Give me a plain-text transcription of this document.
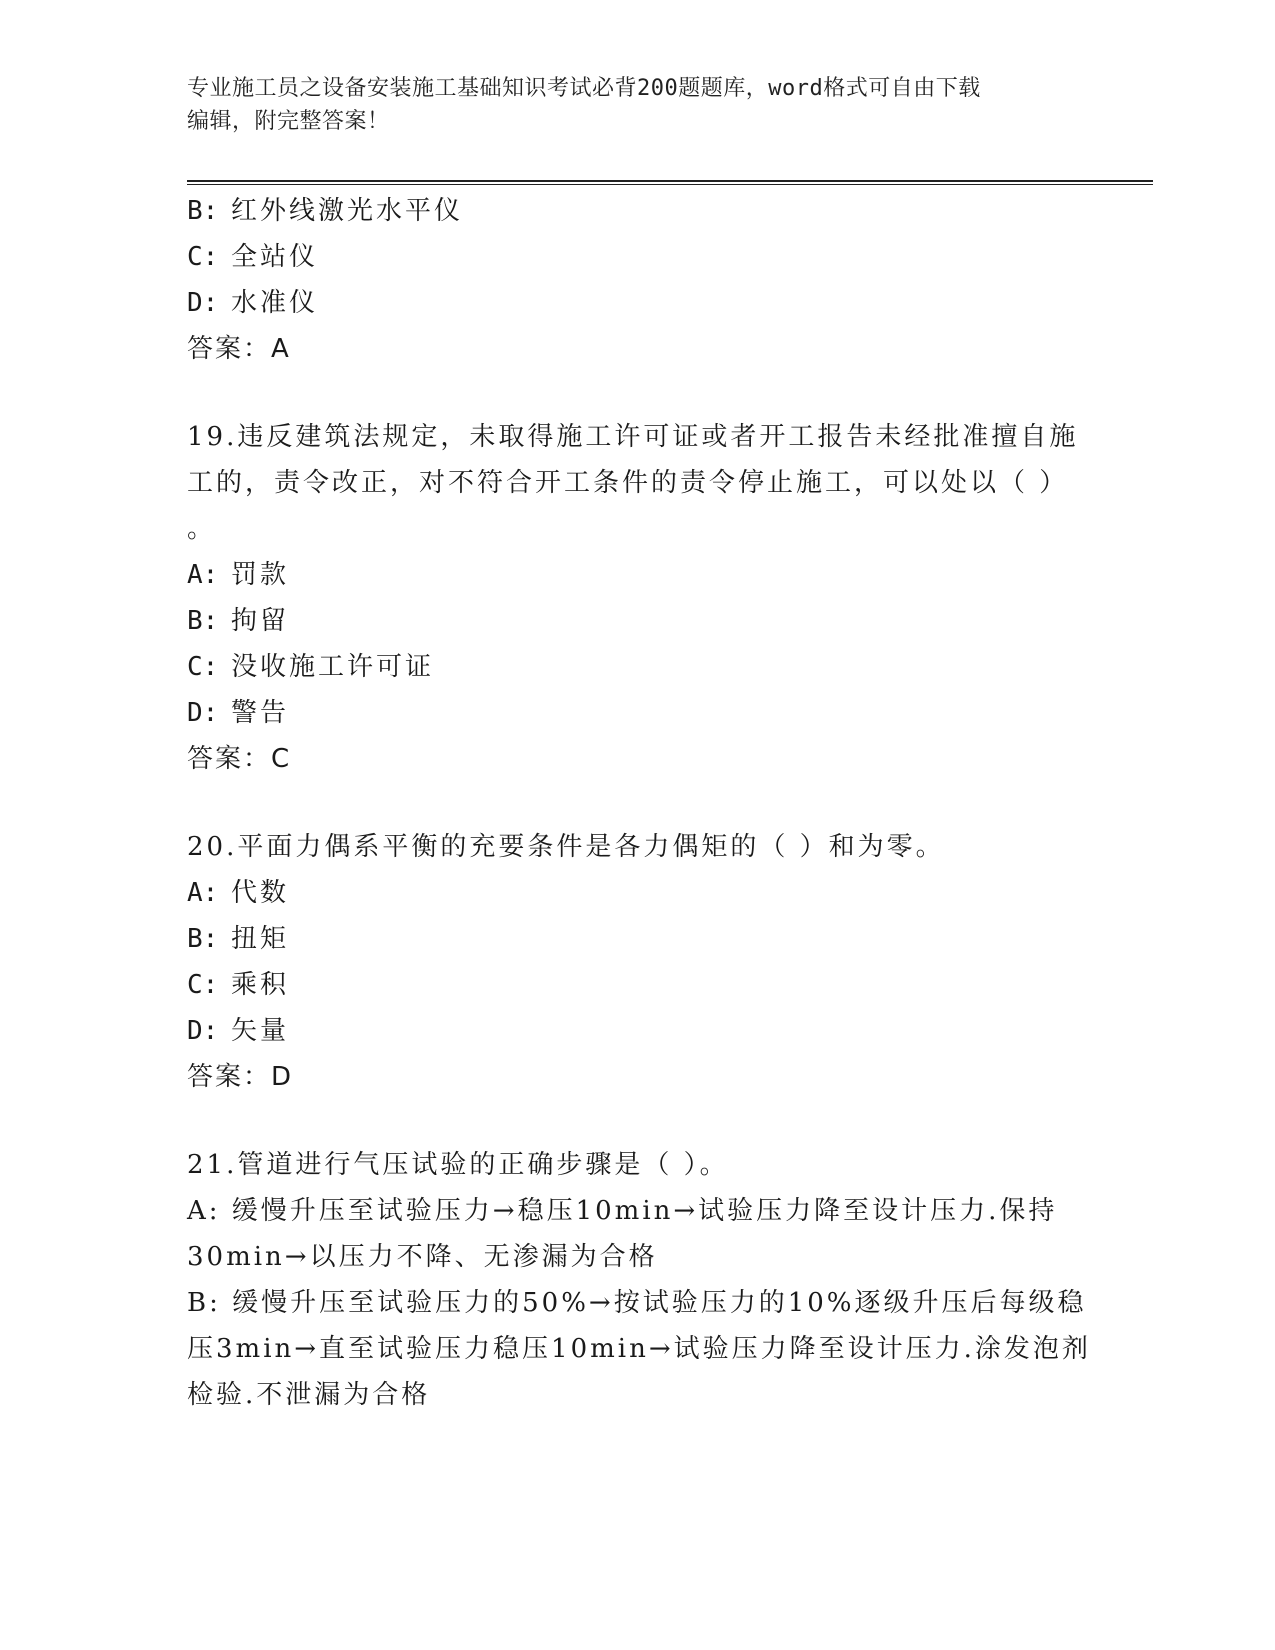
专业施工员之设备安装施工基础知识考试必背200题题库，word格式可自由下载
编辑，附完整答案！
B: 红外线激光水平仪
C: 全站仪
D: 水准仪
答案：A
19.违反建筑法规定，未取得施工许可证或者开工报告未经批准擅自施
工的，责令改正，对不符合开工条件的责令停止施工，可以处以（ ）
。
A: 罚款
B: 拘留
C: 没收施工许可证
D: 警告
答案：C
20.平面力偶系平衡的充要条件是各力偶矩的（ ）和为零。
A: 代数
B: 扭矩
C: 乘积
D: 矢量
答案：D
21.管道进行气压试验的正确步骤是（ ）。
A: 缓慢升压至试验压力→稳压10min→试验压力降至设计压力.保持
30min→以压力不降、无渗漏为合格
B: 缓慢升压至试验压力的50%→按试验压力的10%逐级升压后每级稳
压3min→直至试验压力稳压10min→试验压力降至设计压力.涂发泡剂
检验.不泄漏为合格
